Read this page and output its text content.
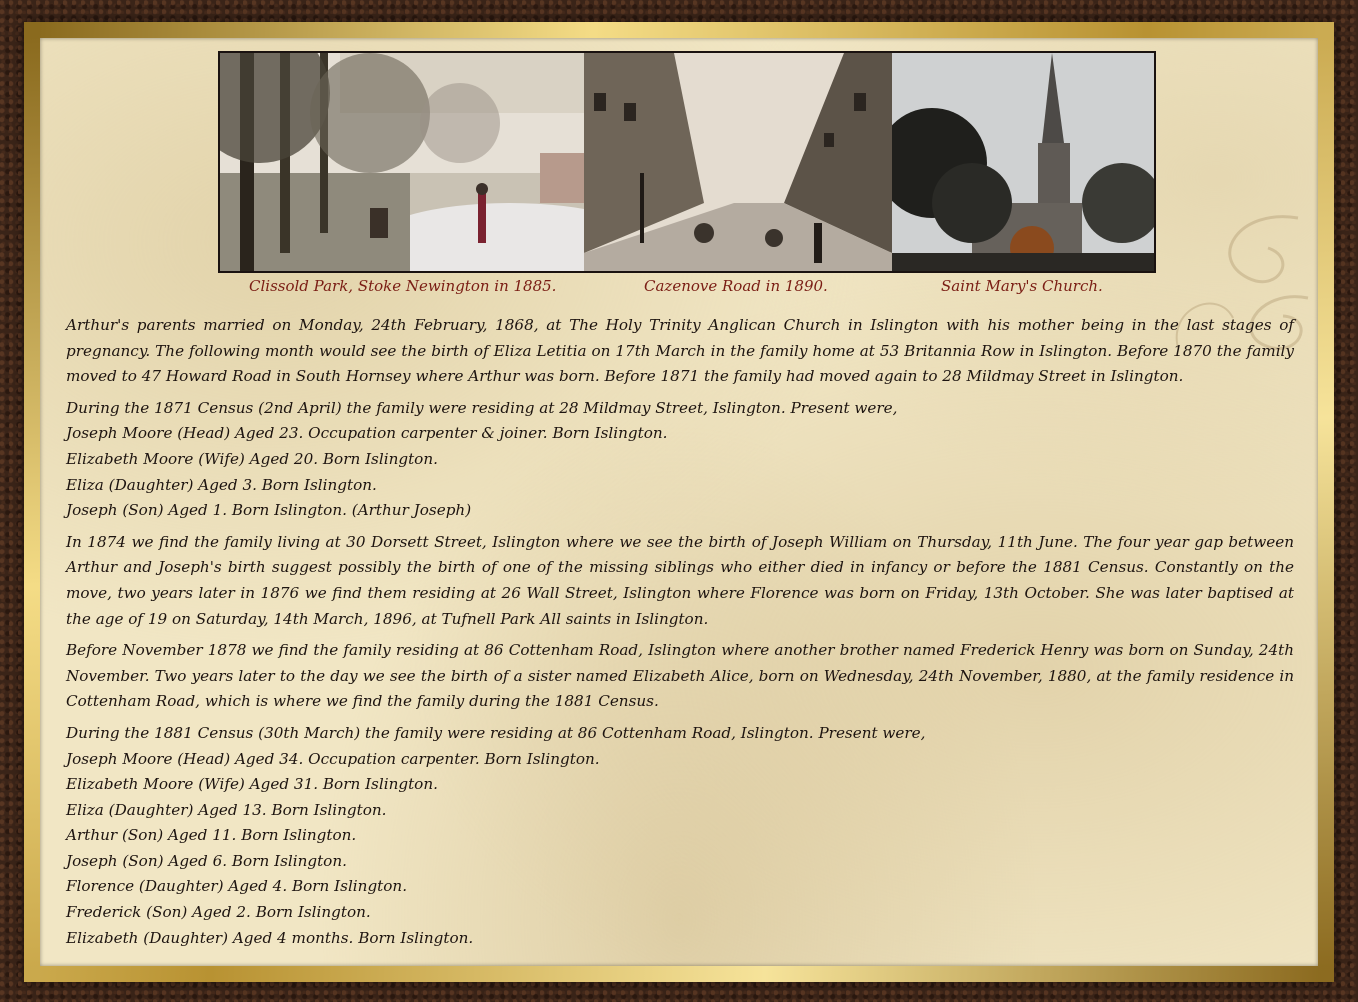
Clissold Park, Stoke Newington in 1885.	Cazenove Road in 1890.	Saint Mary's Church.

Arthur's parents married on Monday, 24th February, 1868, at The Holy Trinity Anglican Church in Islington with his mother being in the last stages of pregnancy. The following month would see the birth of Eliza Letitia on 17th March in the family home at 53 Britannia Row in Islington. Before 1870 the family moved to 47 Howard Road in South Hornsey where Arthur was born. Before 1871 the family had moved again to 28 Mildmay Street in Islington.

During the 1871 Census (2nd April) the family were residing at 28 Mildmay Street, Islington. Present were,
Joseph Moore (Head) Aged 23. Occupation carpenter & joiner. Born Islington.
Elizabeth Moore (Wife) Aged 20. Born Islington.
Eliza (Daughter) Aged 3. Born Islington.
Joseph (Son) Aged 1. Born Islington. (Arthur Joseph)

In 1874 we find the family living at 30 Dorsett Street, Islington where we see the birth of Joseph William on Thursday, 11th June. The four year gap between Arthur and Joseph's birth suggest possibly the birth of one of the missing siblings who either died in infancy or before the 1881 Census. Constantly on the move, two years later in 1876 we find them residing at 26 Wall Street, Islington where Florence was born on Friday, 13th October. She was later baptised at the age of 19 on Saturday, 14th March, 1896, at Tufnell Park All saints in Islington.

Before November 1878 we find the family residing at 86 Cottenham Road, Islington where another brother named Frederick Henry was born on Sunday, 24th November. Two years later to the day we see the birth of a sister named Elizabeth Alice, born on Wednesday, 24th November, 1880, at the family residence in Cottenham Road, which is where we find the family during the 1881 Census.

During the 1881 Census (30th March) the family were residing at 86 Cottenham Road, Islington. Present were,
Joseph Moore (Head) Aged 34. Occupation carpenter. Born Islington.
Elizabeth Moore (Wife) Aged 31. Born Islington.
Eliza (Daughter) Aged 13. Born Islington.
Arthur (Son) Aged 11. Born Islington.
Joseph (Son) Aged 6. Born Islington.
Florence (Daughter) Aged 4. Born Islington.
Frederick (Son) Aged 2. Born Islington.
Elizabeth (Daughter) Aged 4 months. Born Islington.
